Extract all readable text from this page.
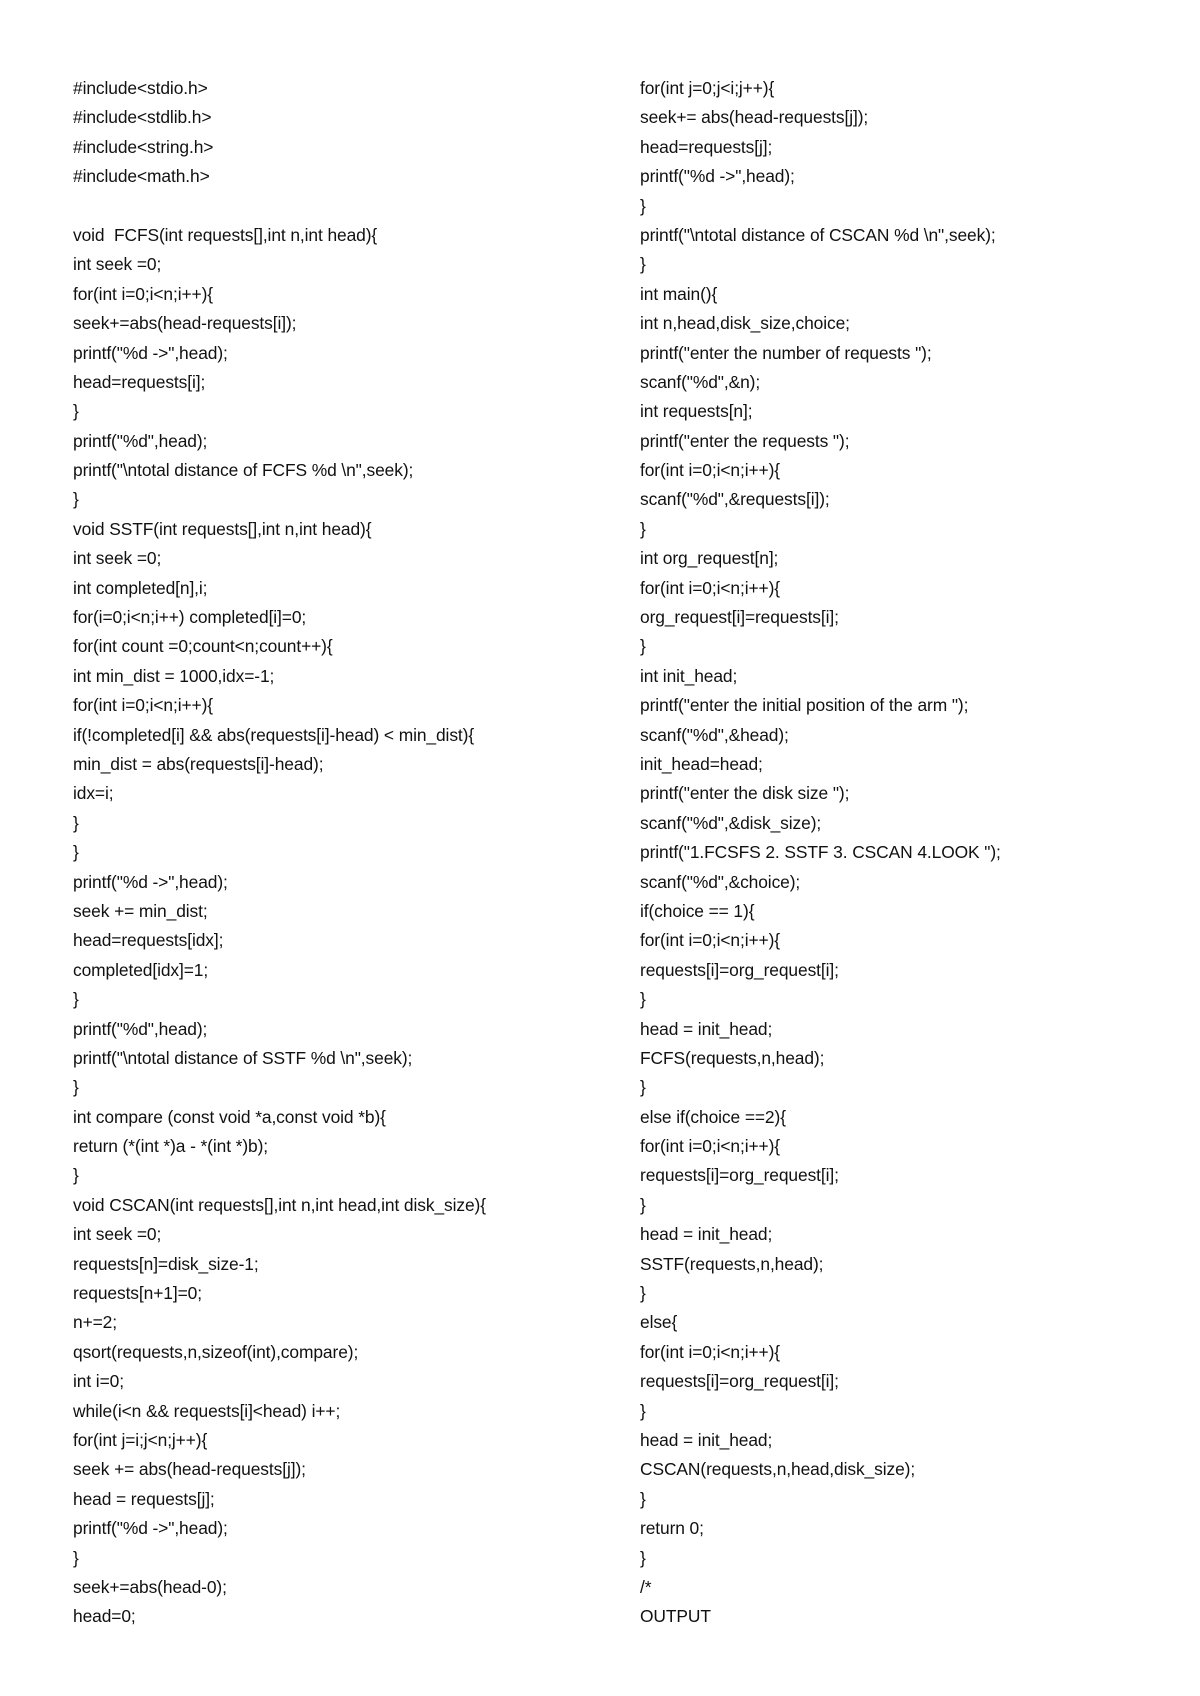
#include<stdio.h>
#include<stdlib.h>
#include<string.h>
#include<math.h>
void  FCFS(int requests[],int n,int head){
int seek =0;
for(int i=0;i<n;i++){
seek+=abs(head-requests[i]);
printf("%d ->",head);
head=requests[i];
}
printf("%d",head);
printf("\ntotal distance of FCFS %d \n",seek);
}
void SSTF(int requests[],int n,int head){
int seek =0;
int completed[n],i;
for(i=0;i<n;i++) completed[i]=0;
for(int count =0;count<n;count++){
int min_dist = 1000,idx=-1;
for(int i=0;i<n;i++){
if(!completed[i] && abs(requests[i]-head) < min_dist){
min_dist = abs(requests[i]-head);
idx=i;
}
}
printf("%d ->",head);
seek += min_dist;
head=requests[idx];
completed[idx]=1;
}
printf("%d",head);
printf("\ntotal distance of SSTF %d \n",seek);
}
int compare (const void *a,const void *b){
return (*(int *)a - *(int *)b);
}
void CSCAN(int requests[],int n,int head,int disk_size){
int seek =0;
requests[n]=disk_size-1;
requests[n+1]=0;
n+=2;
qsort(requests,n,sizeof(int),compare);
int i=0;
while(i<n && requests[i]<head) i++;
for(int j=i;j<n;j++){
seek += abs(head-requests[j]);
head = requests[j];
printf("%d ->",head);
}
seek+=abs(head-0);
head=0;
for(int j=0;j<i;j++){
seek+= abs(head-requests[j]);
head=requests[j];
printf("%d ->",head);
}
printf("\ntotal distance of CSCAN %d \n",seek);
}
int main(){
int n,head,disk_size,choice;
printf("enter the number of requests ");
scanf("%d",&n);
int requests[n];
printf("enter the requests ");
for(int i=0;i<n;i++){
scanf("%d",&requests[i]);
}
int org_request[n];
for(int i=0;i<n;i++){
org_request[i]=requests[i];
}
int init_head;
printf("enter the initial position of the arm ");
scanf("%d",&head);
init_head=head;
printf("enter the disk size ");
scanf("%d",&disk_size);
printf("1.FCSFS 2. SSTF 3. CSCAN 4.LOOK ");
scanf("%d",&choice);
if(choice == 1){
for(int i=0;i<n;i++){
requests[i]=org_request[i];
}
head = init_head;
FCFS(requests,n,head);
}
else if(choice ==2){
for(int i=0;i<n;i++){
requests[i]=org_request[i];
}
head = init_head;
SSTF(requests,n,head);
}
else{
for(int i=0;i<n;i++){
requests[i]=org_request[i];
}
head = init_head;
CSCAN(requests,n,head,disk_size);
}
return 0;
}
/*
OUTPUT
